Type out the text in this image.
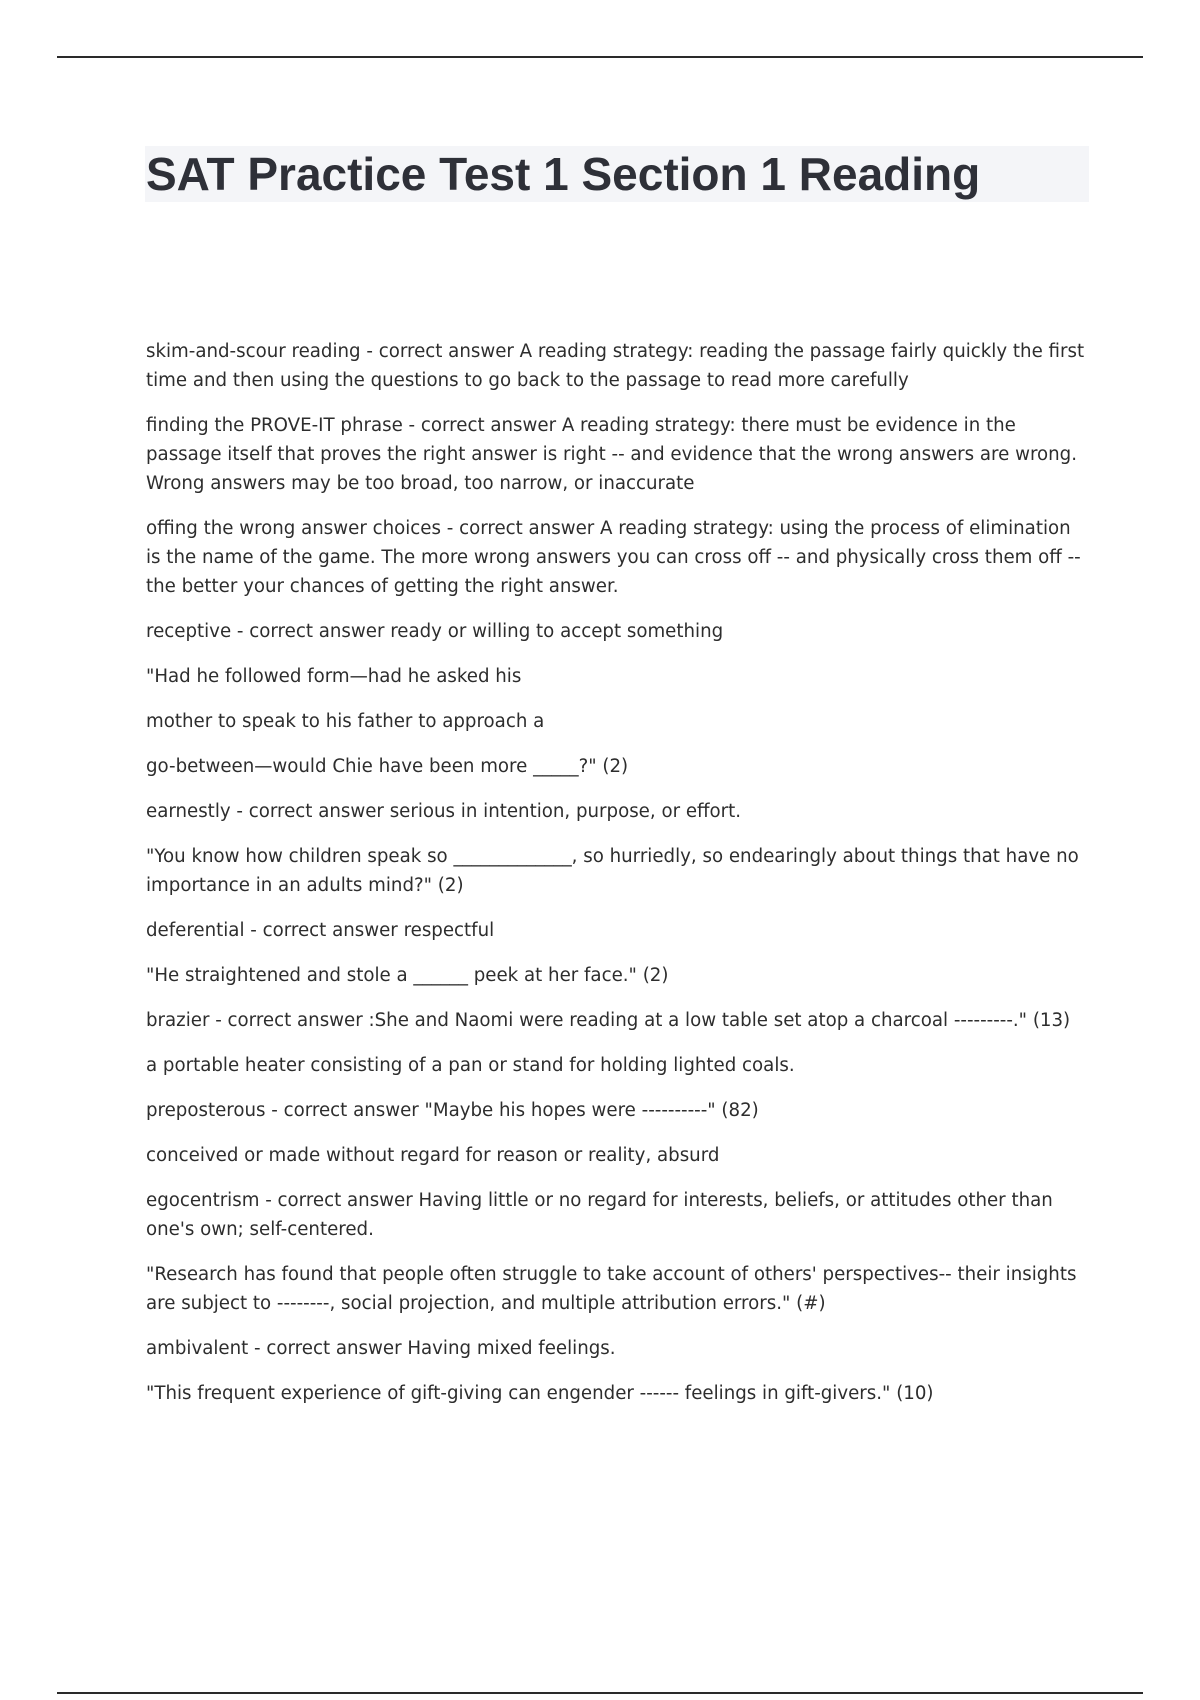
SAT Practice Test 1 Section 1 Reading

skim-and-scour reading - correct answer A reading strategy: reading the passage fairly quickly the first time and then using the questions to go back to the passage to read more carefully

finding the PROVE-IT phrase - correct answer A reading strategy: there must be evidence in the passage itself that proves the right answer is right -- and evidence that the wrong answers are wrong. Wrong answers may be too broad, too narrow, or inaccurate

offing the wrong answer choices - correct answer A reading strategy: using the process of elimination is the name of the game. The more wrong answers you can cross off -- and physically cross them off -- the better your chances of getting the right answer.

receptive - correct answer ready or willing to accept something

"Had he followed form—had he asked his

mother to speak to his father to approach a

go-between—would Chie have been more _____?" (2)

earnestly - correct answer serious in intention, purpose, or effort.

"You know how children speak so _____________, so hurriedly, so endearingly about things that have no importance in an adults mind?" (2)

deferential - correct answer respectful

"He straightened and stole a ______ peek at her face." (2)

brazier - correct answer :She and Naomi were reading at a low table set atop a charcoal ---------." (13)

a portable heater consisting of a pan or stand for holding lighted coals.

preposterous - correct answer "Maybe his hopes were ----------" (82)

conceived or made without regard for reason or reality, absurd

egocentrism - correct answer Having little or no regard for interests, beliefs, or attitudes other than one's own; self-centered.

"Research has found that people often struggle to take account of others' perspectives-- their insights are subject to --------, social projection, and multiple attribution errors." (#)

ambivalent - correct answer Having mixed feelings.

"This frequent experience of gift-giving can engender ------ feelings in gift-givers." (10)
